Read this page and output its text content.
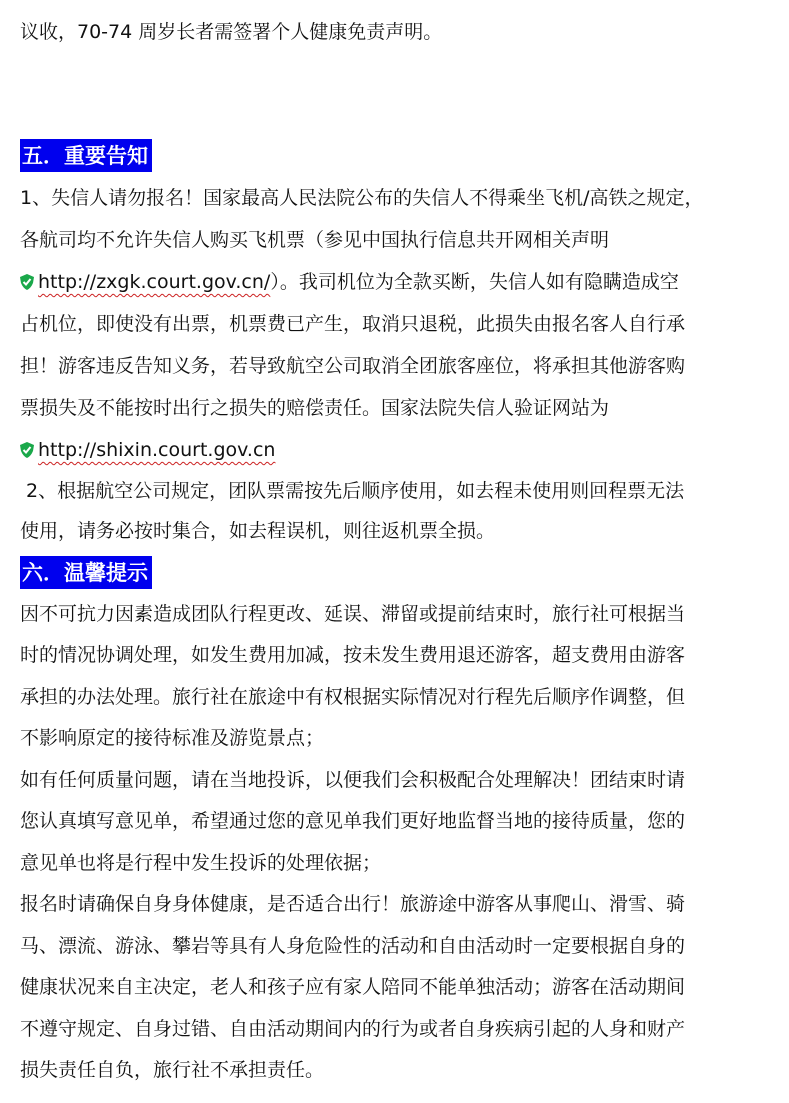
议收，70-74 周岁长者需签署个人健康免责声明。
五．重要告知
1、失信人请勿报名！国家最高人民法院公布的失信人不得乘坐飞机/高铁之规定，
各航司均不允许失信人购买飞机票（参见中国执行信息共开网相关声明
http://zxgk.court.gov.cn/）。我司机位为全款买断，失信人如有隐瞒造成空
占机位，即使没有出票，机票费已产生，取消只退税，此损失由报名客人自行承
担！游客违反告知义务，若导致航空公司取消全团旅客座位，将承担其他游客购
票损失及不能按时出行之损失的赔偿责任。国家法院失信人验证网站为
http://shixin.court.gov.cn
2、根据航空公司规定，团队票需按先后顺序使用，如去程未使用则回程票无法
使用，请务必按时集合，如去程误机，则往返机票全损。
六．温馨提示
因不可抗力因素造成团队行程更改、延误、滞留或提前结束时，旅行社可根据当
时的情况协调处理，如发生费用加减，按未发生费用退还游客，超支费用由游客
承担的办法处理。旅行社在旅途中有权根据实际情况对行程先后顺序作调整，但
不影响原定的接待标准及游览景点；
如有任何质量问题，请在当地投诉，以便我们会积极配合处理解决！团结束时请
您认真填写意见单，希望通过您的意见单我们更好地监督当地的接待质量，您的
意见单也将是行程中发生投诉的处理依据；
报名时请确保自身身体健康，是否适合出行！旅游途中游客从事爬山、滑雪、骑
马、漂流、游泳、攀岩等具有人身危险性的活动和自由活动时一定要根据自身的
健康状况来自主决定，老人和孩子应有家人陪同不能单独活动；游客在活动期间
不遵守规定、自身过错、自由活动期间内的行为或者自身疾病引起的人身和财产
损失责任自负，旅行社不承担责任。
